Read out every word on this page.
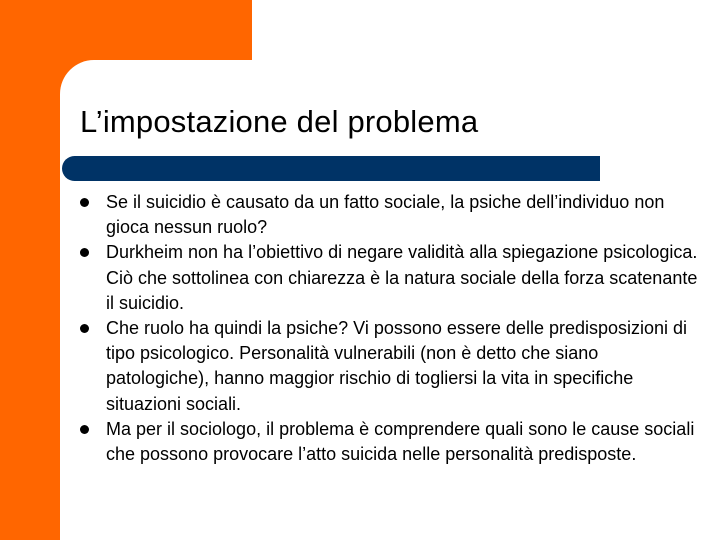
L’impostazione del problema
Se il suicidio è causato da un fatto sociale, la psiche dell’individuo non gioca nessun ruolo?
Durkheim non ha l’obiettivo di negare validità alla spiegazione psicologica. Ciò che sottolinea con chiarezza è la natura sociale della forza scatenante il suicidio.
Che ruolo ha quindi la psiche? Vi possono essere delle predisposizioni di tipo psicologico. Personalità vulnerabili (non è detto che siano patologiche), hanno maggior rischio di togliersi la vita in specifiche situazioni sociali.
Ma per il sociologo, il problema è comprendere quali sono le cause sociali che possono provocare l’atto suicida nelle personalità predisposte.
